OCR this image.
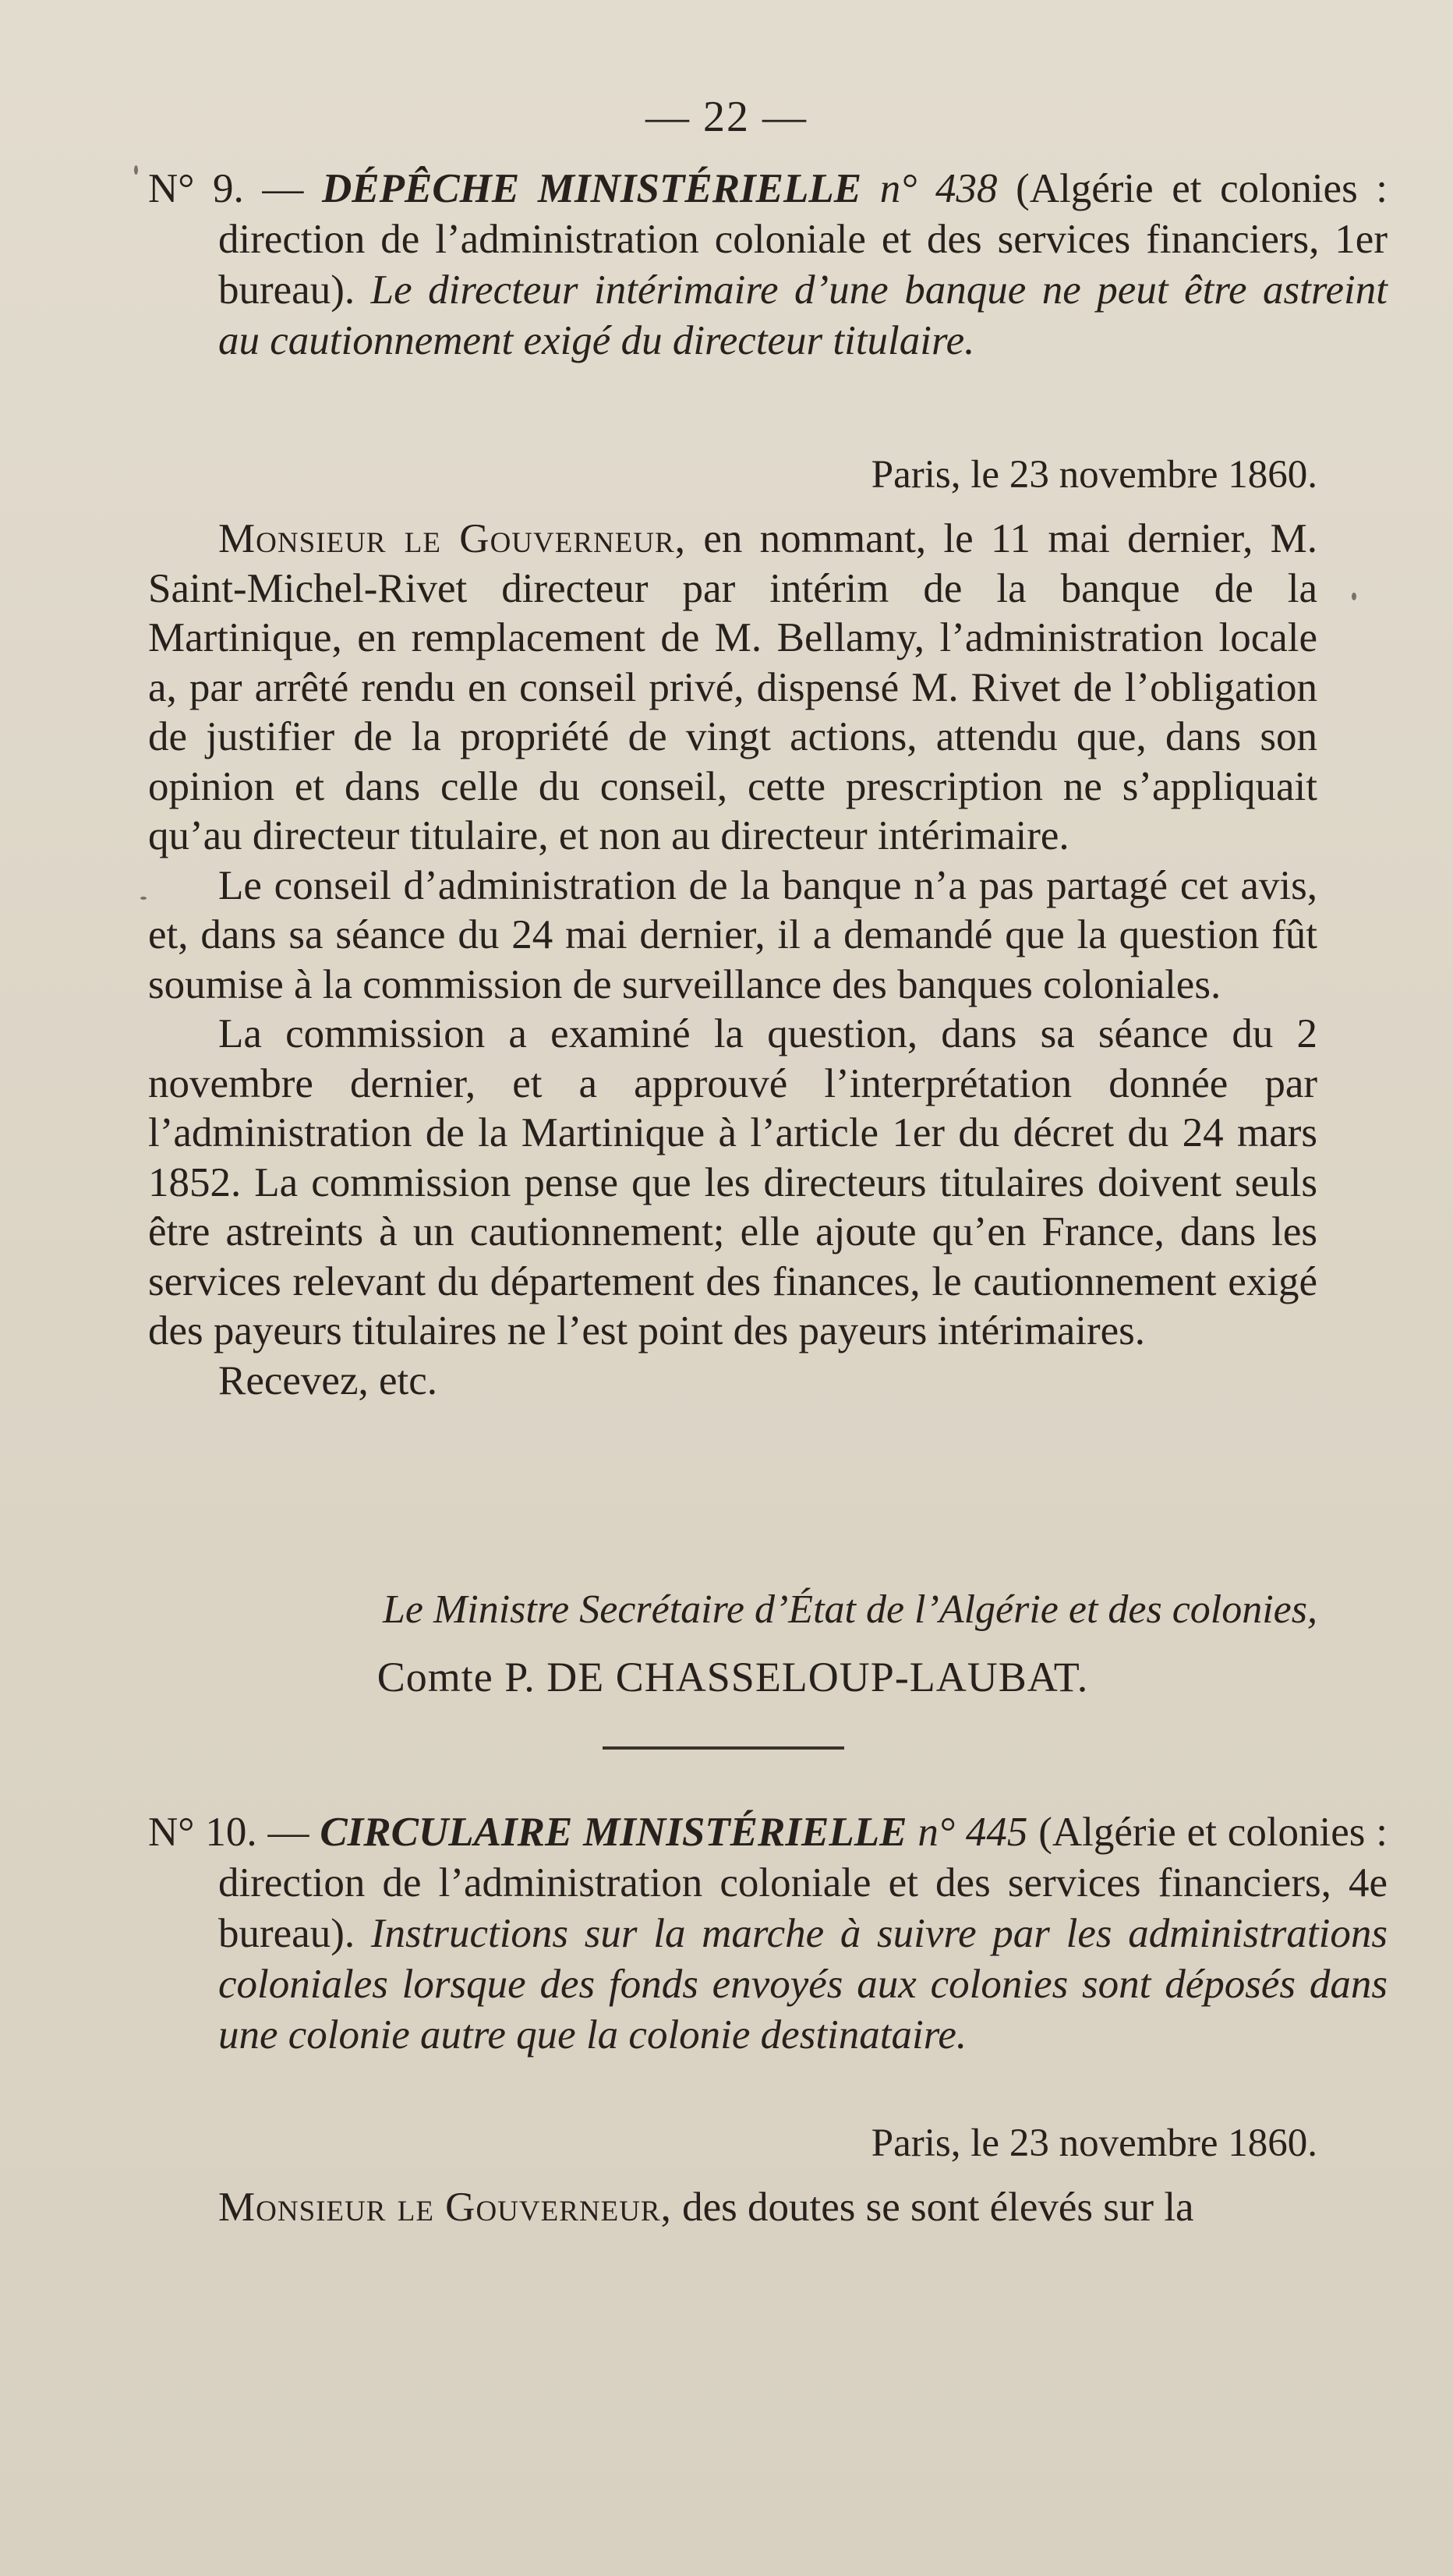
— 22 —
N° 9. — DÉPÊCHE MINISTÉRIELLE n° 438 (Algérie et colonies : direction de l’administration coloniale et des services financiers, 1er bureau). Le directeur intérimaire d’une banque ne peut être astreint au cautionnement exigé du directeur titulaire.
Paris, le 23 novembre 1860.

Monsieur le Gouverneur, en nommant, le 11 mai dernier, M. Saint-Michel-Rivet directeur par intérim de la banque de la Martinique, en remplacement de M. Bellamy, l’administration locale a, par arrêté rendu en conseil privé, dispensé M. Rivet de l’obligation de justifier de la propriété de vingt actions, attendu que, dans son opinion et dans celle du conseil, cette prescription ne s’appliquait qu’au directeur titulaire, et non au directeur intérimaire.

Le conseil d’administration de la banque n’a pas partagé cet avis, et, dans sa séance du 24 mai dernier, il a demandé que la question fût soumise à la commission de surveillance des banques coloniales.

La commission a examiné la question, dans sa séance du 2 novembre dernier, et a approuvé l’interprétation donnée par l’administration de la Martinique à l’article 1er du décret du 24 mars 1852. La commission pense que les directeurs titulaires doivent seuls être astreints à un cautionnement; elle ajoute qu’en France, dans les services relevant du département des finances, le cautionnement exigé des payeurs titulaires ne l’est point des payeurs intérimaires.

Recevez, etc.

Le Ministre Secrétaire d’État de l’Algérie et des colonies,
Comte P. DE CHASSELOUP-LAUBAT.
N° 10. — CIRCULAIRE MINISTÉRIELLE n° 445 (Algérie et colonies : direction de l’administration coloniale et des services financiers, 4e bureau). Instructions sur la marche à suivre par les administrations coloniales lorsque des fonds envoyés aux colonies sont déposés dans une colonie autre que la colonie destinataire.
Paris, le 23 novembre 1860.

Monsieur le Gouverneur, des doutes se sont élevés sur la
